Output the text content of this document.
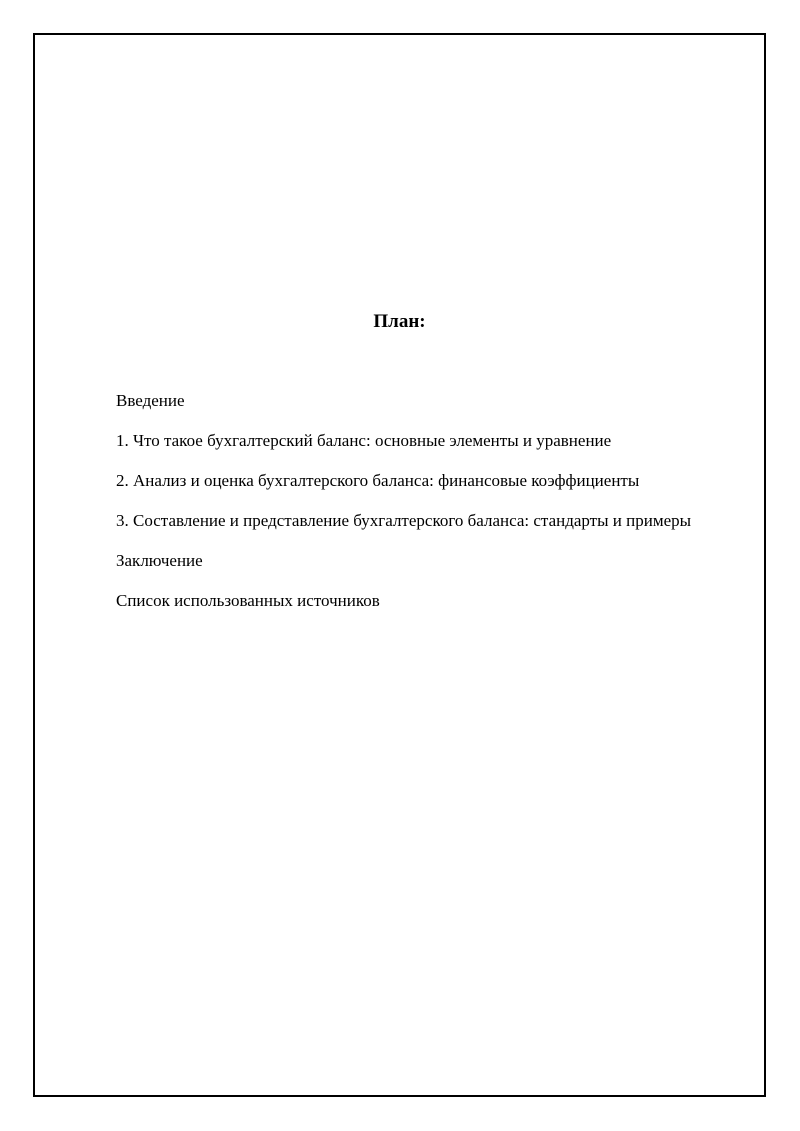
План:
Введение
1. Что такое бухгалтерский баланс: основные элементы и уравнение
2. Анализ и оценка бухгалтерского баланса: финансовые коэффициенты
3. Составление и представление бухгалтерского баланса: стандарты и примеры
Заключение
Список использованных источников
